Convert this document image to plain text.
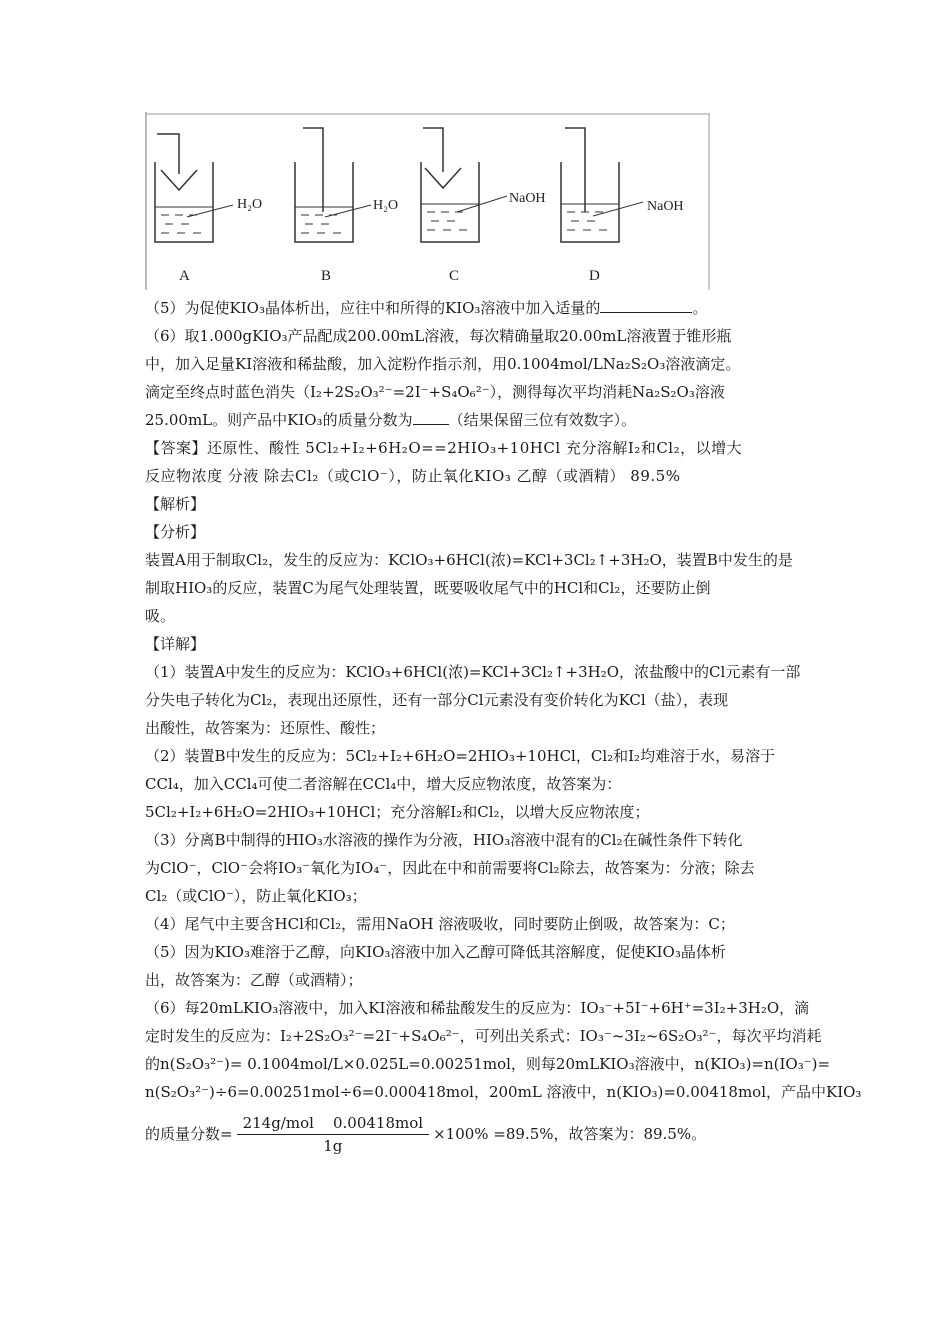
H₂O	H₂O	NaOH
NaOH
A	B	C	D
（5）为促使KIO₃晶体析出，应往中和所得的KIO₃溶液中加入适量的	。
（6）取1.000gKIO₃产品配成200.00mL溶液，每次精确量取20.00mL溶液置于锥形瓶
中，加入足量KI溶液和稀盐酸，加入淀粉作指示剂，用0.1004mol/LNa₂S₂O₃溶液滴定。
滴定至终点时蓝色消失（I₂+2S₂O₃²⁻=2I⁻+S₄O₆²⁻），测得每次平均消耗Na₂S₂O₃溶液
25.00mL。则产品中KIO₃的质量分数为 （结果保留三位有效数字）。
【答案】还原性、酸性 5Cl₂+I₂+6H₂O==2HIO₃+10HCl 充分溶解I₂和Cl₂，以增大
反应物浓度 分液 除去Cl₂（或ClO⁻），防止氧化KIO₃ 乙醇（或酒精） 89.5%
【解析】
【分析】
装置A用于制取Cl₂，发生的反应为：KClO₃+6HCl(浓)=KCl+3Cl₂↑+3H₂O，装置B中发生的是
制取HIO₃的反应，装置C为尾气处理装置，既要吸收尾气中的HCl和Cl₂，还要防止倒
吸。
【详解】
（1）装置A中发生的反应为：KClO₃+6HCl(浓)=KCl+3Cl₂↑+3H₂O，浓盐酸中的Cl元素有一部
分失电子转化为Cl₂，表现出还原性，还有一部分Cl元素没有变价转化为KCl（盐），表现
出酸性，故答案为：还原性、酸性；
（2）装置B中发生的反应为：5Cl₂+I₂+6H₂O=2HIO₃+10HCl，Cl₂和I₂均难溶于水，易溶于
CCl₄，加入CCl₄可使二者溶解在CCl₄中，增大反应物浓度，故答案为：
5Cl₂+I₂+6H₂O=2HIO₃+10HCl；充分溶解I₂和Cl₂，以增大反应物浓度；
（3）分离B中制得的HIO₃水溶液的操作为分液，HIO₃溶液中混有的Cl₂在碱性条件下转化
为ClO⁻，ClO⁻会将IO₃⁻氧化为IO₄⁻，因此在中和前需要将Cl₂除去，故答案为：分液；除去
Cl₂（或ClO⁻），防止氧化KIO₃；
（4）尾气中主要含HCl和Cl₂，需用NaOH 溶液吸收，同时要防止倒吸，故答案为：C；
（5）因为KIO₃难溶于乙醇，向KIO₃溶液中加入乙醇可降低其溶解度，促使KIO₃晶体析
出，故答案为：乙醇（或酒精）；
（6）每20mLKIO₃溶液中，加入KI溶液和稀盐酸发生的反应为：IO₃⁻+5I⁻+6H⁺=3I₂+3H₂O，滴
定时发生的反应为：I₂+2S₂O₃²⁻=2I⁻+S₄O₆²⁻，可列出关系式：IO₃⁻~3I₂~6S₂O₃²⁻，每次平均消耗
的n(S₂O₃²⁻)= 0.1004mol/L×0.025L=0.00251mol，则每20mLKIO₃溶液中，n(KIO₃)=n(IO₃⁻)=
n(S₂O₃²⁻)÷6=0.00251mol÷6=0.000418mol，200mL 溶液中，n(KIO₃)=0.00418mol，产品中KIO₃
的质量分数= $\frac{\text{214g/mol    0.00418mol}}{1g} \times 100\% =89.5\%$，故答案为：89.5%。
